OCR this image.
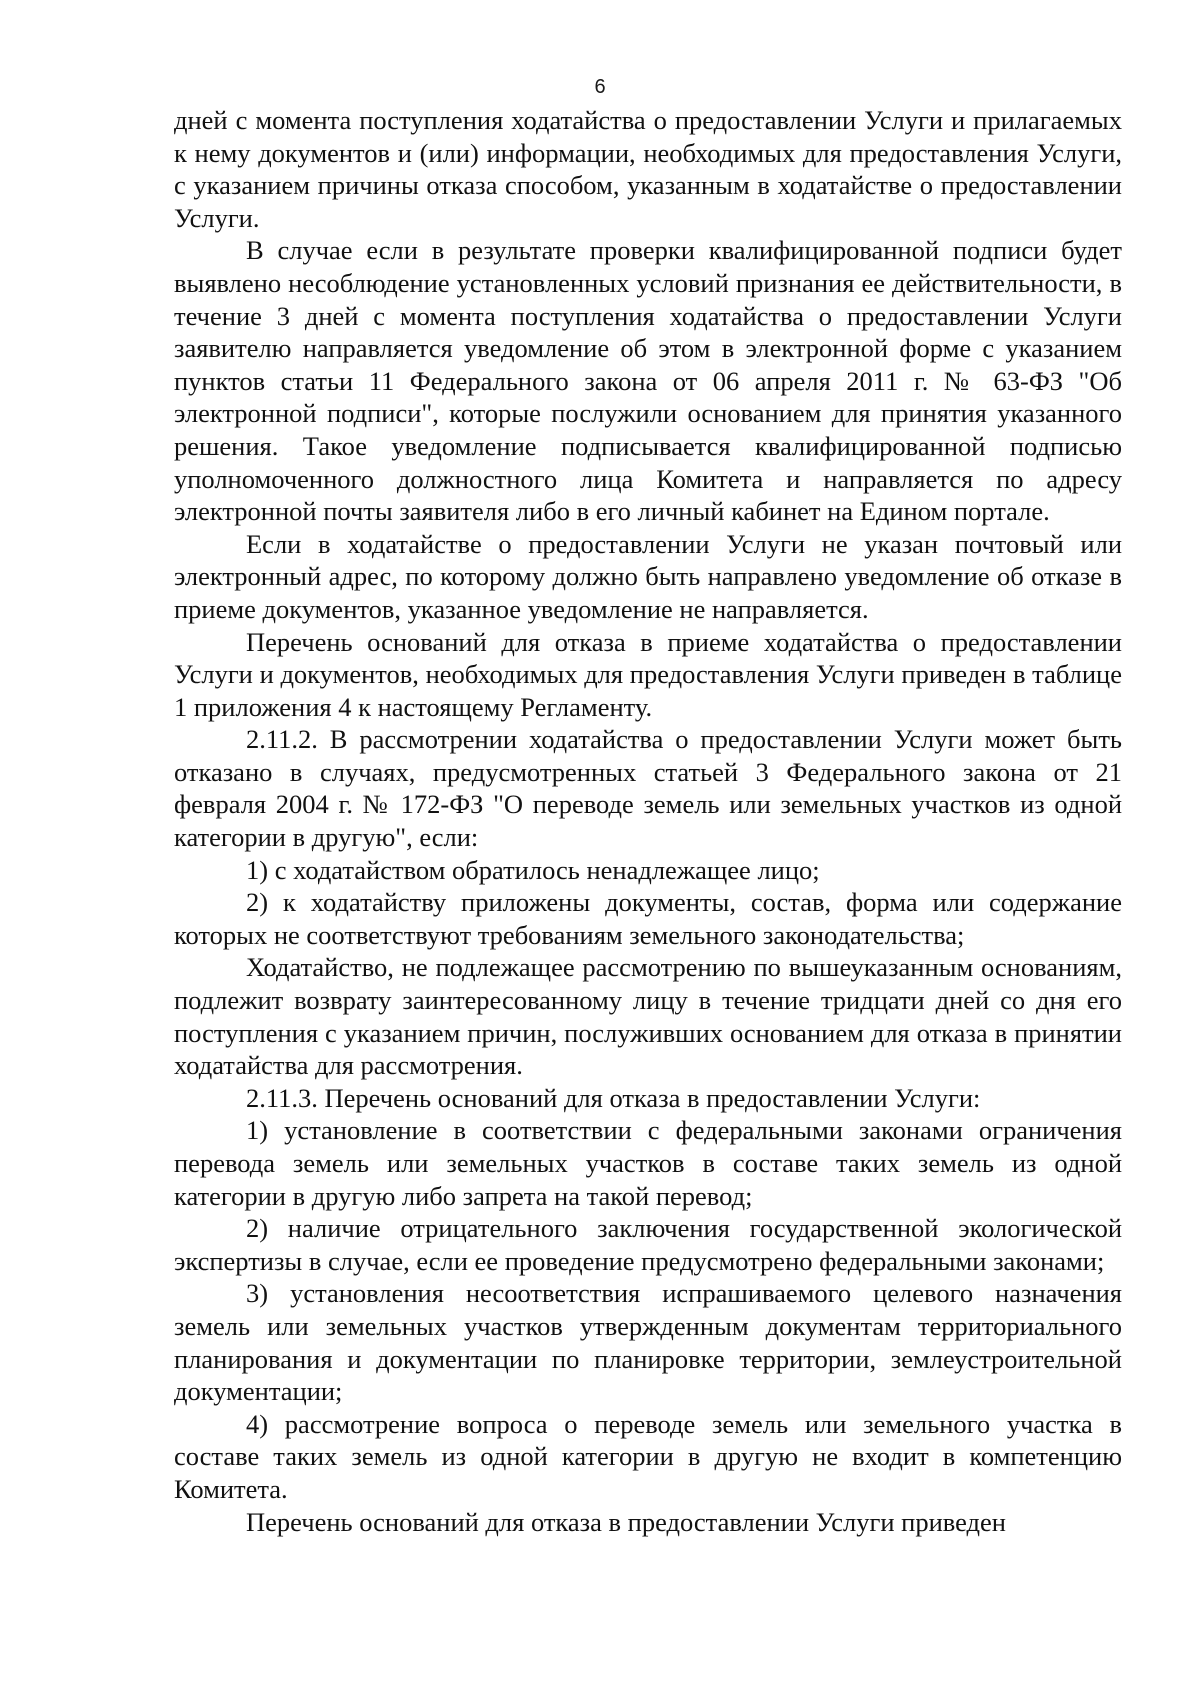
6

дней с момента поступления ходатайства о предоставлении Услуги и прилагаемых к нему документов и (или) информации, необходимых для предоставления Услуги, с указанием причины отказа способом, указанным в ходатайстве о предоставлении Услуги.

В случае если в результате проверки квалифицированной подписи будет выявлено несоблюдение установленных условий признания ее действительности, в течение 3 дней с момента поступления ходатайства о предоставлении Услуги заявителю направляется уведомление об этом в электронной форме с указанием пунктов статьи 11 Федерального закона от 06 апреля 2011 г. № 63-ФЗ "Об электронной подписи", которые послужили основанием для принятия указанного решения. Такое уведомление подписывается квалифицированной подписью уполномоченного должностного лица Комитета и направляется по адресу электронной почты заявителя либо в его личный кабинет на Едином портале.

Если в ходатайстве о предоставлении Услуги не указан почтовый или электронный адрес, по которому должно быть направлено уведомление об отказе в приеме документов, указанное уведомление не направляется.

Перечень оснований для отказа в приеме ходатайства о предоставлении Услуги и документов, необходимых для предоставления Услуги приведен в таблице 1 приложения 4 к настоящему Регламенту.

2.11.2. В рассмотрении ходатайства о предоставлении Услуги может быть отказано в случаях, предусмотренных статьей 3 Федерального закона от 21 февраля 2004 г. № 172-ФЗ "О переводе земель или земельных участков из одной категории в другую", если:

1) с ходатайством обратилось ненадлежащее лицо;

2) к ходатайству приложены документы, состав, форма или содержание которых не соответствуют требованиям земельного законодательства;

Ходатайство, не подлежащее рассмотрению по вышеуказанным основаниям, подлежит возврату заинтересованному лицу в течение тридцати дней со дня его поступления с указанием причин, послуживших основанием для отказа в принятии ходатайства для рассмотрения.

2.11.3. Перечень оснований для отказа в предоставлении Услуги:

1) установление в соответствии с федеральными законами ограничения перевода земель или земельных участков в составе таких земель из одной категории в другую либо запрета на такой перевод;

2) наличие отрицательного заключения государственной экологической экспертизы в случае, если ее проведение предусмотрено федеральными законами;

3) установления несоответствия испрашиваемого целевого назначения земель или земельных участков утвержденным документам территориального планирования и документации по планировке территории, землеустроительной документации;

4) рассмотрение вопроса о переводе земель или земельного участка в составе таких земель из одной категории в другую не входит в компетенцию Комитета.

Перечень оснований для отказа в предоставлении Услуги приведен
